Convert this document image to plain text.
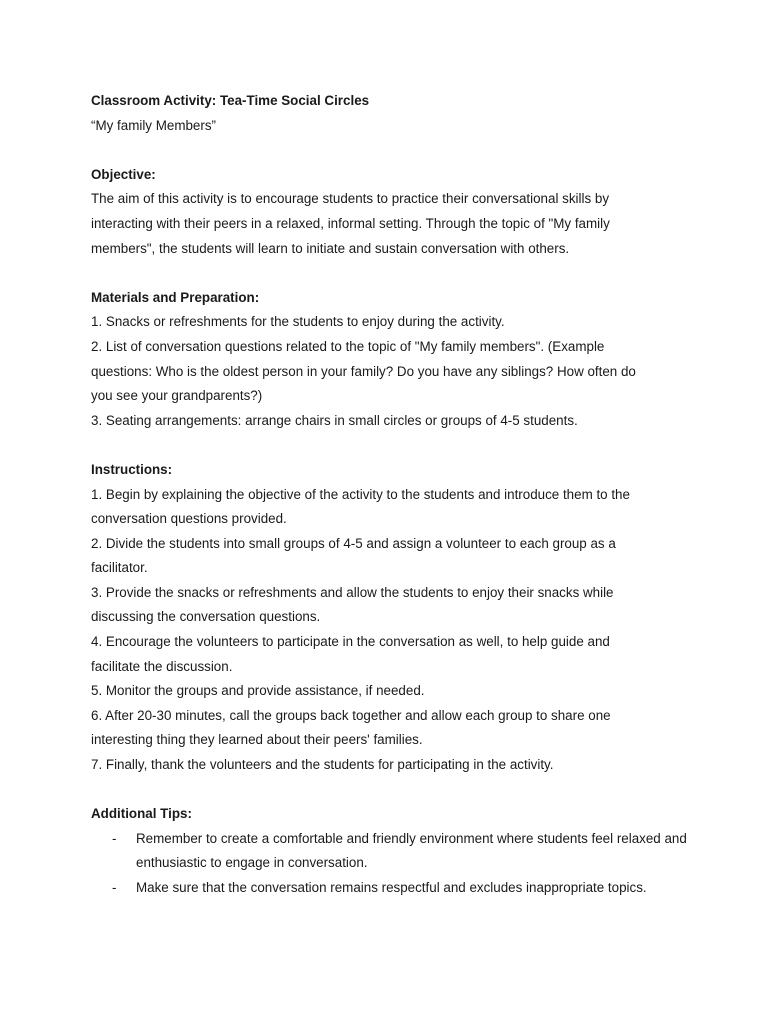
Classroom Activity: Tea-Time Social Circles

“My family Members”

Objective:

The aim of this activity is to encourage students to practice their conversational skills by interacting with their peers in a relaxed, informal setting. Through the topic of "My family members", the students will learn to initiate and sustain conversation with others.

Materials and Preparation:

1. Snacks or refreshments for the students to enjoy during the activity.
2. List of conversation questions related to the topic of "My family members". (Example questions: Who is the oldest person in your family? Do you have any siblings? How often do you see your grandparents?)
3. Seating arrangements: arrange chairs in small circles or groups of 4-5 students.

Instructions:

1. Begin by explaining the objective of the activity to the students and introduce them to the conversation questions provided.
2. Divide the students into small groups of 4-5 and assign a volunteer to each group as a facilitator.
3. Provide the snacks or refreshments and allow the students to enjoy their snacks while discussing the conversation questions.
4. Encourage the volunteers to participate in the conversation as well, to help guide and facilitate the discussion.
5. Monitor the groups and provide assistance, if needed.
6. After 20-30 minutes, call the groups back together and allow each group to share one interesting thing they learned about their peers' families.
7. Finally, thank the volunteers and the students for participating in the activity.

Additional Tips:

- Remember to create a comfortable and friendly environment where students feel relaxed and enthusiastic to engage in conversation.
- Make sure that the conversation remains respectful and excludes inappropriate topics.
